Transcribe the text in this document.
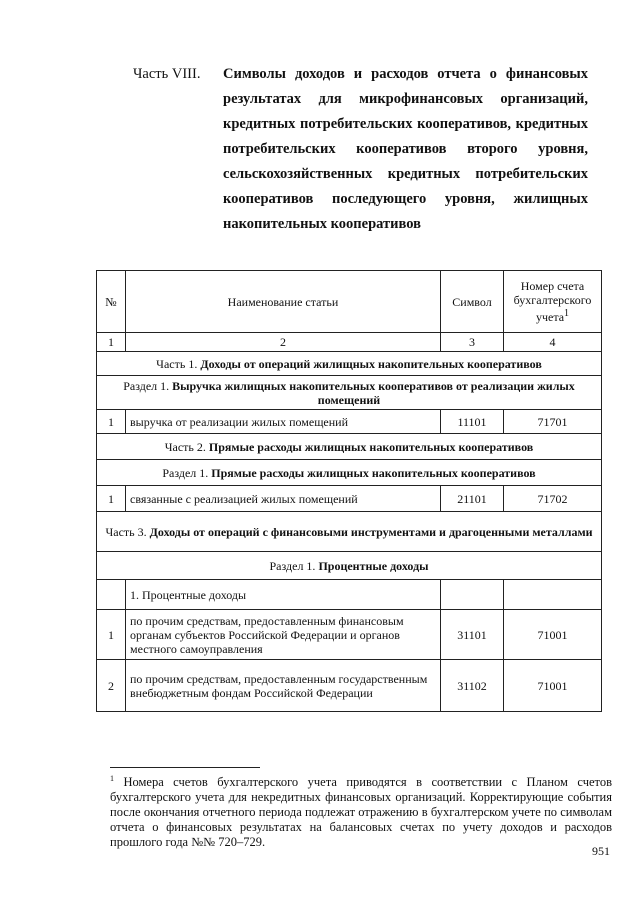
Часть VIII. Символы доходов и расходов отчета о финансовых результатах для микрофинансовых организаций, кредитных потребительских кооперативов, кредитных потребительских кооперативов второго уровня, сельскохозяйственных кредитных потребительских кооперативов последующего уровня, жилищных накопительных кооперативов
№	Наименование статьи	Символ	Номер счета бухгалтерского учета$^1$
1	2	3	4
Часть 1. Доходы от операций жилищных накопительных кооперативов			
Раздел 1. Выручка жилищных накопительных кооперативов от реализации жилых помещений			
1	выручка от реализации жилых помещений	11101	71701
Часть 2. Прямые расходы жилищных накопительных кооперативов			
Раздел 1. Прямые расходы жилищных накопительных кооперативов			
1	связанные с реализацией жилых помещений	21101	71702
Часть 3. Доходы от операций с финансовыми инструментами и драгоценными металлами			
Раздел 1. Процентные доходы			
	1. Процентные доходы		
1	по прочим средствам, предоставленным финансовым органам субъектов Российской Федерации и органов местного самоуправления	31101	71001
2	по прочим средствам, предоставленным государственным внебюджетным фондам Российской Федерации	31102	71001
$^1$ Номера счетов бухгалтерского учета приводятся в соответствии с Планом счетов бухгалтерского учета для некредитных финансовых организаций. Корректирующие события после окончания отчетного периода подлежат отражению в бухгалтерском учете по символам отчета о финансовых результатах на балансовых счетах по учету доходов и расходов прошлого года №№ 720–729.
951
